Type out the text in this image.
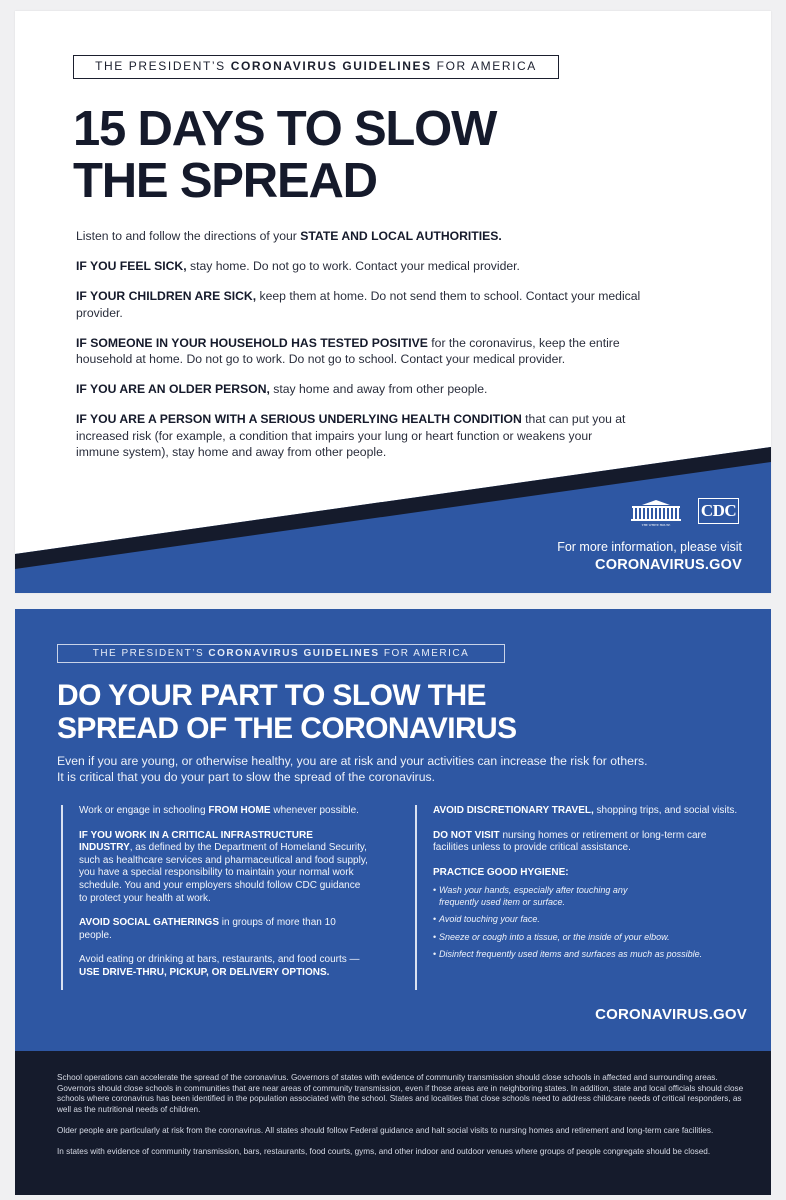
THE PRESIDENT’S CORONAVIRUS GUIDELINES FOR AMERICA
15 DAYS TO SLOW
THE SPREAD

Listen to and follow the directions of your STATE AND LOCAL AUTHORITIES.

IF YOU FEEL SICK, stay home. Do not go to work. Contact your medical provider.

IF YOUR CHILDREN ARE SICK, keep them at home. Do not send them to school. Contact your medical provider.

IF SOMEONE IN YOUR HOUSEHOLD HAS TESTED POSITIVE for the coronavirus, keep the entire household at home. Do not go to work. Do not go to school. Contact your medical provider.

IF YOU ARE AN OLDER PERSON, stay home and away from other people.

IF YOU ARE A PERSON WITH A SERIOUS UNDERLYING HEALTH CONDITION that can put you at increased risk (for example, a condition that impairs your lung or heart function or weakens your immune system), stay home and away from other people.

THE WHITE HOUSE
CDC
For more information, please visit
CORONAVIRUS.GOV
THE PRESIDENT’S CORONAVIRUS GUIDELINES FOR AMERICA
DO YOUR PART TO SLOW THE
SPREAD OF THE CORONAVIRUS
Even if you are young, or otherwise healthy, you are at risk and your activities can increase the risk for others. It is critical that you do your part to slow the spread of the coronavirus.

Work or engage in schooling FROM HOME whenever possible.

IF YOU WORK IN A CRITICAL INFRASTRUCTURE INDUSTRY, as defined by the Department of Homeland Security, such as healthcare services and pharmaceutical and food supply, you have a special responsibility to maintain your normal work schedule. You and your employers should follow CDC guidance to protect your health at work.

AVOID SOCIAL GATHERINGS in groups of more than 10 people.

Avoid eating or drinking at bars, restaurants, and food courts —
USE DRIVE-THRU, PICKUP, OR DELIVERY OPTIONS.

AVOID DISCRETIONARY TRAVEL, shopping trips, and social visits.

DO NOT VISIT nursing homes or retirement or long-term care facilities unless to provide critical assistance.

PRACTICE GOOD HYGIENE:
• Wash your hands, especially after touching any frequently used item or surface.
• Avoid touching your face.
• Sneeze or cough into a tissue, or the inside of your elbow.
• Disinfect frequently used items and surfaces as much as possible.
CORONAVIRUS.GOV

School operations can accelerate the spread of the coronavirus. Governors of states with evidence of community transmission should close schools in affected and surrounding areas. Governors should close schools in communities that are near areas of community transmission, even if those areas are in neighboring states. In addition, state and local officials should close schools where coronavirus has been identified in the population associated with the school. States and localities that close schools need to address childcare needs of critical responders, as well as the nutritional needs of children.

Older people are particularly at risk from the coronavirus. All states should follow Federal guidance and halt social visits to nursing homes and retirement and long-term care facilities.

In states with evidence of community transmission, bars, restaurants, food courts, gyms, and other indoor and outdoor venues where groups of people congregate should be closed.
